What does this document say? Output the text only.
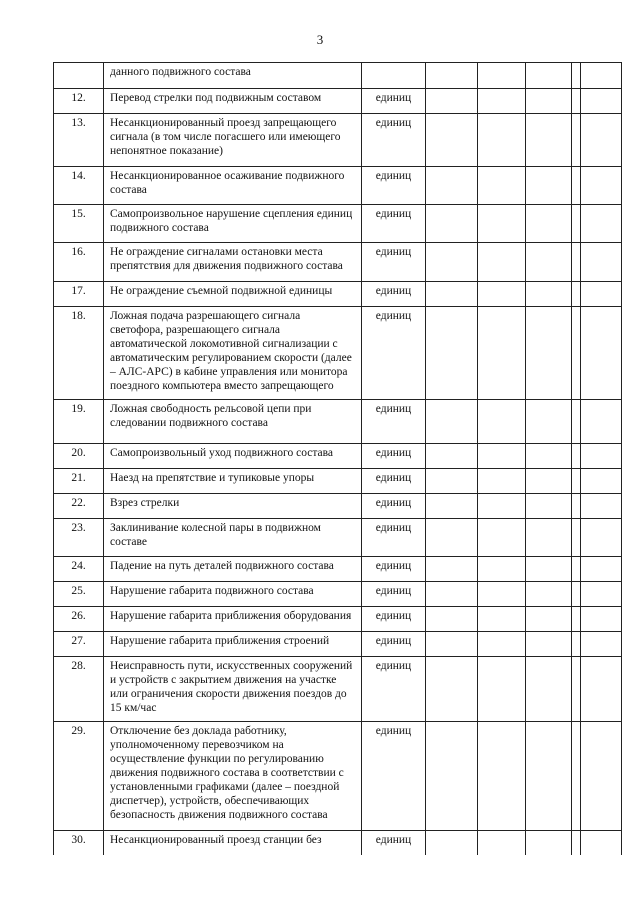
3
	данного подвижного состава						
12.	Перевод стрелки под подвижным составом	единиц					
13.	Несанкционированный проезд запрещающего сигнала (в том числе погасшего или имеющего непонятное показание)	единиц					
14.	Несанкционированное осаживание подвижного состава	единиц					
15.	Самопроизвольное нарушение сцепления единиц подвижного состава	единиц					
16.	Не ограждение сигналами остановки места препятствия для движения подвижного состава	единиц					
17.	Не ограждение съемной подвижной единицы	единиц					
18.	Ложная подача разрешающего сигнала светофора, разрешающего сигнала автоматической локомотивной сигнализации с автоматическим регулированием скорости (далее – АЛС-АРС) в кабине управления или монитора поездного компьютера вместо запрещающего	единиц					
19.	Ложная свободность рельсовой цепи при следовании подвижного состава	единиц					
20.	Самопроизвольный уход подвижного состава	единиц					
21.	Наезд на препятствие и тупиковые упоры	единиц					
22.	Взрез стрелки	единиц					
23.	Заклинивание колесной пары в подвижном составе	единиц					
24.	Падение на путь деталей подвижного состава	единиц					
25.	Нарушение габарита подвижного состава	единиц					
26.	Нарушение габарита приближения оборудования	единиц					
27.	Нарушение габарита приближения строений	единиц					
28.	Неисправность пути, искусственных сооружений и устройств с закрытием движения на участке или ограничения скорости движения поездов до 15 км/час	единиц					
29.	Отключение без доклада работнику, уполномоченному перевозчиком на осуществление функции по регулированию движения подвижного состава в соответствии с установленными графиками (далее – поездной диспетчер), устройств, обеспечивающих безопасность движения подвижного состава	единиц					
30.	Несанкционированный проезд станции без	единиц					
